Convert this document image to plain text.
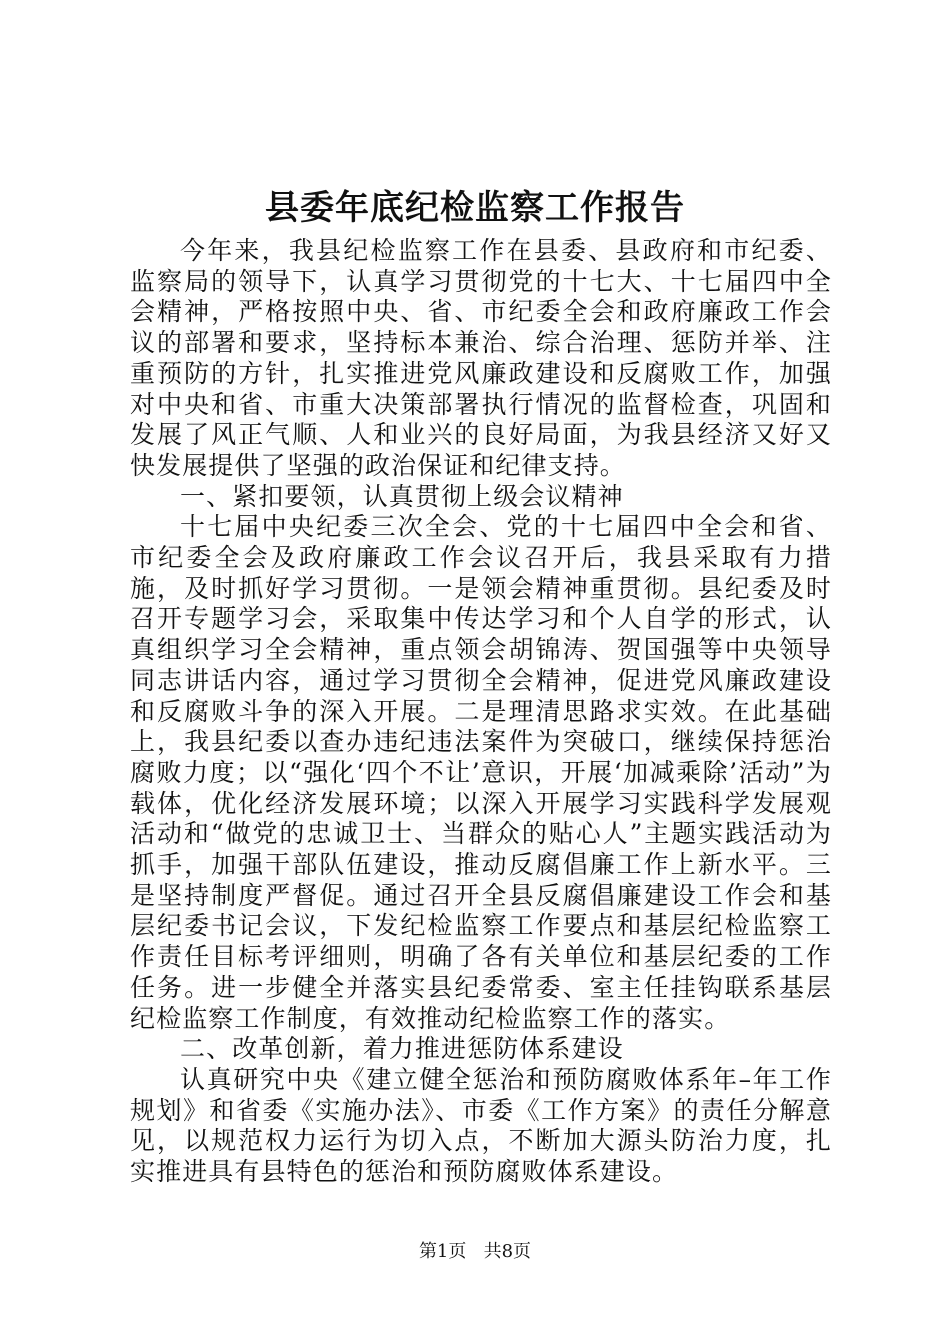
县委年底纪检监察工作报告

今年来，我县纪检监察工作在县委、县政府和市纪委、监察局的领导下，认真学习贯彻党的十七大、十七届四中全会精神，严格按照中央、省、市纪委全会和政府廉政工作会议的部署和要求，坚持标本兼治、综合治理、惩防并举、注重预防的方针，扎实推进党风廉政建设和反腐败工作，加强对中央和省、市重大决策部署执行情况的监督检查，巩固和发展了风正气顺、人和业兴的良好局面，为我县经济又好又快发展提供了坚强的政治保证和纪律支持。

一、紧扣要领，认真贯彻上级会议精神

十七届中央纪委三次全会、党的十七届四中全会和省、市纪委全会及政府廉政工作会议召开后，我县采取有力措施，及时抓好学习贯彻。一是领会精神重贯彻。县纪委及时召开专题学习会，采取集中传达学习和个人自学的形式，认真组织学习全会精神，重点领会胡锦涛、贺国强等中央领导同志讲话内容，通过学习贯彻全会精神，促进党风廉政建设和反腐败斗争的深入开展。二是理清思路求实效。在此基础上，我县纪委以查办违纪违法案件为突破口，继续保持惩治腐败力度；以“强化‘四个不让’意识，开展‘加减乘除’活动”为载体，优化经济发展环境；以深入开展学习实践科学发展观活动和“做党的忠诚卫士、当群众的贴心人”主题实践活动为抓手，加强干部队伍建设，推动反腐倡廉工作上新水平。三是坚持制度严督促。通过召开全县反腐倡廉建设工作会和基层纪委书记会议，下发纪检监察工作要点和基层纪检监察工作责任目标考评细则，明确了各有关单位和基层纪委的工作任务。进一步健全并落实县纪委常委、室主任挂钩联系基层纪检监察工作制度，有效推动纪检监察工作的落实。

二、改革创新，着力推进惩防体系建设

认真研究中央《建立健全惩治和预防腐败体系年–年工作规划》和省委《实施办法》、市委《工作方案》的责任分解意见，以规范权力运行为切入点，不断加大源头防治力度，扎实推进具有县特色的惩治和预防腐败体系建设。

第1页 共8页
